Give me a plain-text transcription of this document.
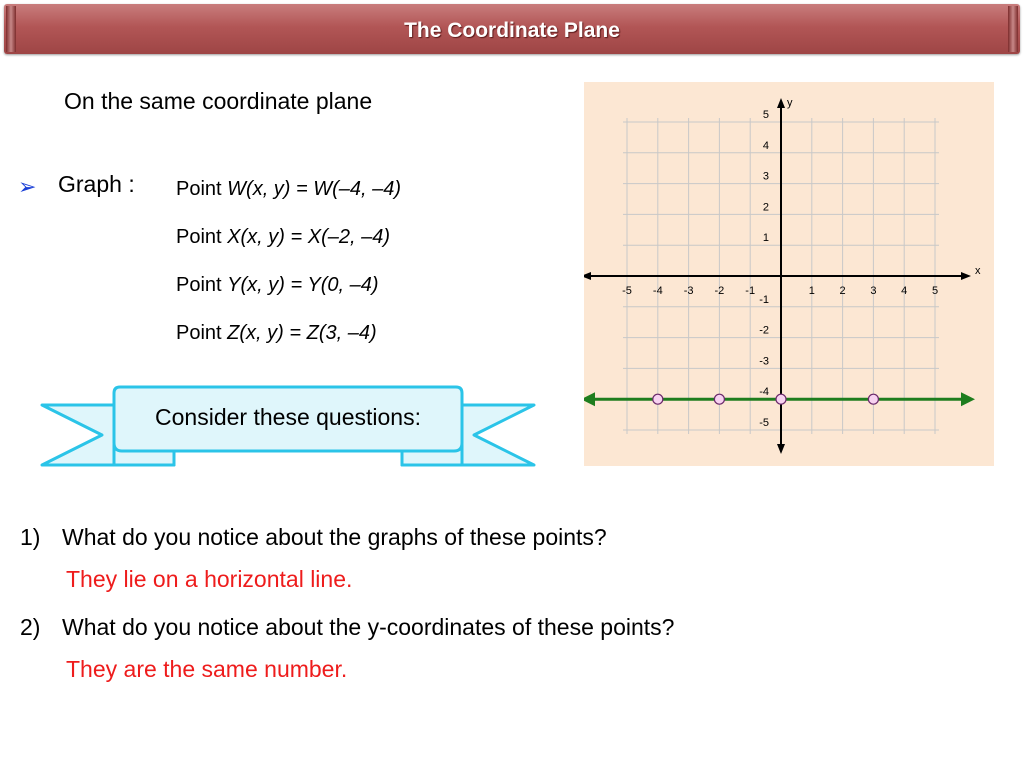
The Coordinate Plane
On the same coordinate plane
➢ Graph : Point W(x, y) = W(–4, –4)
Point X(x, y) = X(–2, –4)
Point Y(x, y) = Y(0, –4)
Point Z(x, y) = Z(3, –4)
Consider these questions:
1) What do you notice about the graphs of these points?
They lie on a horizontal line.
2) What do you notice about the y-coordinates of these points?
They are the same number.
x
y
-5 -4 -3 -2 -1	1 2 3 4 5
5
4
3
2
1
-1
-2
-3
-4
-5
